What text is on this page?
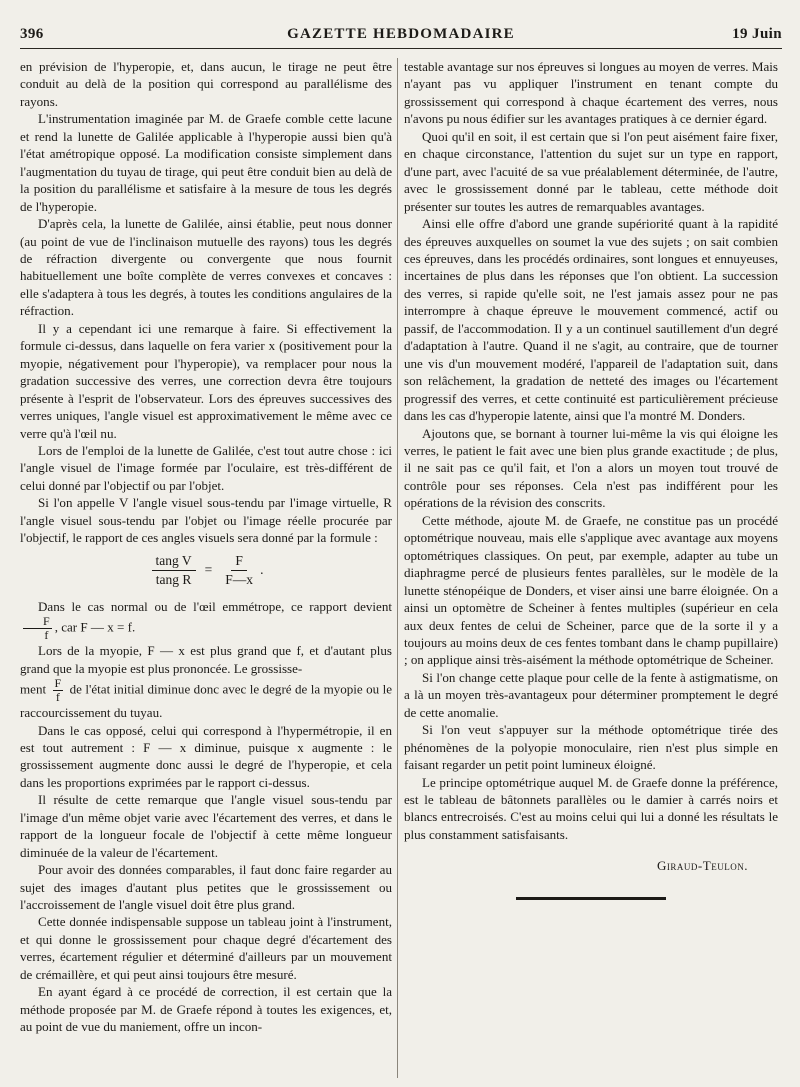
396	GAZETTE HEBDOMADAIRE	19 Juin

en prévision de l'hyperopie, et, dans aucun, le tirage ne peut être conduit au delà de la position qui correspond au parallélisme des rayons.

L'instrumentation imaginée par M. de Graefe comble cette lacune et rend la lunette de Galilée applicable à l'hyperopie aussi bien qu'à l'état amétropique opposé. La modification consiste simplement dans l'augmentation du tuyau de tirage, qui peut être conduit bien au delà de la position du parallélisme et satisfaire à la mesure de tous les degrés de l'hyperopie.

D'après cela, la lunette de Galilée, ainsi établie, peut nous donner (au point de vue de l'inclinaison mutuelle des rayons) tous les degrés de réfraction divergente ou convergente que nous fournit habituellement une boîte complète de verres convexes et concaves : elle s'adaptera à tous les degrés, à toutes les conditions angulaires de la réfraction.

Il y a cependant ici une remarque à faire. Si effectivement la formule ci-dessus, dans laquelle on fera varier x (positivement pour la myopie, négativement pour l'hyperopie), va remplacer pour nous la gradation successive des verres, une correction devra être toujours présente à l'esprit de l'observateur. Lors des épreuves successives des verres uniques, l'angle visuel est approximativement le même avec ce verre qu'à l'œil nu.

Lors de l'emploi de la lunette de Galilée, c'est tout autre chose : ici l'angle visuel de l'image formée par l'oculaire, est très-différent de celui donné par l'objectif ou par l'objet.

Si l'on appelle V l'angle visuel sous-tendu par l'image virtuelle, R l'angle visuel sous-tendu par l'objet ou l'image réelle procurée par l'objectif, le rapport de ces angles visuels sera donné par la formule :

$\frac{\text{tang V}}{\text{tang R}} = \frac{F}{F—x}$ .

Dans le cas normal ou de l'œil emmétrope, ce rapport devient
$\frac{F}{f}$ , car F — x = f.

Lors de la myopie, F — x est plus grand que f, et d'autant plus grand que la myopie est plus prononcée. Le grossisse-

ment $\frac{F}{f}$ de l'état initial diminue donc avec le degré de la myopie ou le raccourcissement du tuyau.

Dans le cas opposé, celui qui correspond à l'hypermétropie, il en est tout autrement : F — x diminue, puisque x augmente : le grossissement augmente donc aussi le degré de l'hyperopie, et cela dans les proportions exprimées par le rapport ci-dessus.

Il résulte de cette remarque que l'angle visuel sous-tendu par l'image d'un même objet varie avec l'écartement des verres, et dans le rapport de la longueur focale de l'objectif à cette même longueur diminuée de la valeur de l'écartement.

Pour avoir des données comparables, il faut donc faire regarder au sujet des images d'autant plus petites que le grossissement ou l'accroissement de l'angle visuel doit être plus grand.

Cette donnée indispensable suppose un tableau joint à l'instrument, et qui donne le grossissement pour chaque degré d'écartement des verres, écartement régulier et déterminé d'ailleurs par un mouvement de crémaillère, et qui peut ainsi toujours être mesuré.

En ayant égard à ce procédé de correction, il est certain que la méthode proposée par M. de Graefe répond à toutes les exigences, et, au point de vue du maniement, offre un incon-

testable avantage sur nos épreuves si longues au moyen de verres. Mais n'ayant pas vu appliquer l'instrument en tenant compte du grossissement qui correspond à chaque écartement des verres, nous n'avons pu nous édifier sur les avantages pratiques à ce dernier égard.

Quoi qu'il en soit, il est certain que si l'on peut aisément faire fixer, en chaque circonstance, l'attention du sujet sur un type en rapport, d'une part, avec l'acuité de sa vue préalablement déterminée, de l'autre, avec le grossissement donné par le tableau, cette méthode doit présenter sur toutes les autres de remarquables avantages.

Ainsi elle offre d'abord une grande supériorité quant à la rapidité des épreuves auxquelles on soumet la vue des sujets ; on sait combien ces épreuves, dans les procédés ordinaires, sont longues et ennuyeuses, incertaines de plus dans les réponses que l'on obtient. La succession des verres, si rapide qu'elle soit, ne l'est jamais assez pour ne pas interrompre à chaque épreuve le mouvement commencé, actif ou passif, de l'accommodation. Il y a un continuel sautillement d'un degré d'adaptation à l'autre. Quand il ne s'agit, au contraire, que de tourner une vis d'un mouvement modéré, l'appareil de l'adaptation suit, dans son relâchement, la gradation de netteté des images ou l'écartement progressif des verres, et cette continuité est particulièrement précieuse dans les cas d'hyperopie latente, ainsi que l'a montré M. Donders.

Ajoutons que, se bornant à tourner lui-même la vis qui éloigne les verres, le patient le fait avec une bien plus grande exactitude ; de plus, il ne sait pas ce qu'il fait, et l'on a alors un moyen tout trouvé de contrôle pour ses réponses. Cela n'est pas indifférent pour les opérations de la révision des conscrits.

Cette méthode, ajoute M. de Graefe, ne constitue pas un procédé optométrique nouveau, mais elle s'applique avec avantage aux moyens optométriques classiques. On peut, par exemple, adapter au tube un diaphragme percé de plusieurs fentes parallèles, sur le modèle de la lunette sténopéique de Donders, et viser ainsi une barre éloignée. On a ainsi un optomètre de Scheiner à fentes multiples (supérieur en cela aux deux fentes de celui de Scheiner, parce que de la sorte il y a toujours au moins deux de ces fentes tombant dans le champ pupillaire) ; on applique ainsi très-aisément la méthode optométrique de Scheiner.

Si l'on change cette plaque pour celle de la fente à astigmatisme, on a là un moyen très-avantageux pour déterminer promptement le degré de cette anomalie.

Si l'on veut s'appuyer sur la méthode optométrique tirée des phénomènes de la polyopie monoculaire, rien n'est plus simple en faisant regarder un petit point lumineux éloigné.

Le principe optométrique auquel M. de Graefe donne la préférence, est le tableau de bâtonnets parallèles ou le damier à carrés noirs et blancs entrecroisés. C'est au moins celui qui lui a donné les résultats le plus constamment satisfaisants.

Giraud-Teulon.
